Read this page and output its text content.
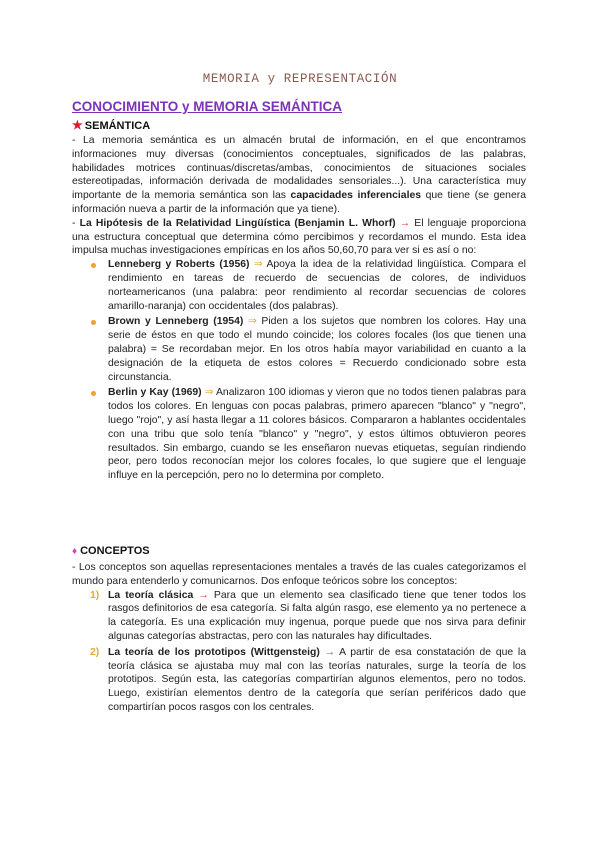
MEMORIA y REPRESENTACIÓN
CONOCIMIENTO y MEMORIA SEMÁNTICA
★ SEMÁNTICA

- La memoria semántica es un almacén brutal de información, en el que encontramos informaciones muy diversas (conocimientos conceptuales, significados de las palabras, habilidades motrices continuas/discretas/ambas, conocimientos de situaciones sociales estereotipadas, información derivada de modalidades sensoriales...). Una característica muy importante de la memoria semántica son las capacidades inferenciales que tiene (se genera información nueva a partir de la información que ya tiene).

- La Hipótesis de la Relatividad Lingüística (Benjamin L. Whorf) → El lenguaje proporciona una estructura conceptual que determina cómo percibimos y recordamos el mundo. Esta idea impulsa muchas investigaciones empíricas en los años 50,60,70 para ver si es así o no:

Lenneberg y Roberts (1956) ⇒ Apoya la idea de la relatividad lingüística. Compara el rendimiento en tareas de recuerdo de secuencias de colores, de individuos norteamericanos (una palabra: peor rendimiento al recordar secuencias de colores amarillo-naranja) con occidentales (dos palabras).
Brown y Lenneberg (1954) ⇒ Piden a los sujetos que nombren los colores. Hay una serie de éstos en que todo el mundo coincide; los colores focales (los que tienen una palabra) = Se recordaban mejor. En los otros había mayor variabilidad en cuanto a la designación de la etiqueta de estos colores = Recuerdo condicionado sobre esta circunstancia.
Berlin y Kay (1969) ⇒ Analizaron 100 idiomas y vieron que no todos tienen palabras para todos los colores. En lenguas con pocas palabras, primero aparecen "blanco" y "negro", luego "rojo", y así hasta llegar a 11 colores básicos. Compararon a hablantes occidentales con una tribu que solo tenía "blanco" y "negro", y estos últimos obtuvieron peores resultados. Sin embargo, cuando se les enseñaron nuevas etiquetas, seguían rindiendo peor, pero todos reconocían mejor los colores focales, lo que sugiere que el lenguaje influye en la percepción, pero no lo determina por completo.
♦ CONCEPTOS

- Los conceptos son aquellas representaciones mentales a través de las cuales categorizamos el mundo para entenderlo y comunicarnos. Dos enfoque teóricos sobre los conceptos:

1) La teoría clásica → Para que un elemento sea clasificado tiene que tener todos los rasgos definitorios de esa categoría. Si falta algún rasgo, ese elemento ya no pertenece a la categoría. Es una explicación muy ingenua, porque puede que nos sirva para definir algunas categorías abstractas, pero con las naturales hay dificultades.
2) La teoría de los prototipos (Wittgensteig) → A partir de esa constatación de que la teoría clásica se ajustaba muy mal con las teorías naturales, surge la teoría de los prototipos. Según esta, las categorías compartirían algunos elementos, pero no todos. Luego, existirían elementos dentro de la categoría que serían periféricos dado que compartirían pocos rasgos con los centrales.
